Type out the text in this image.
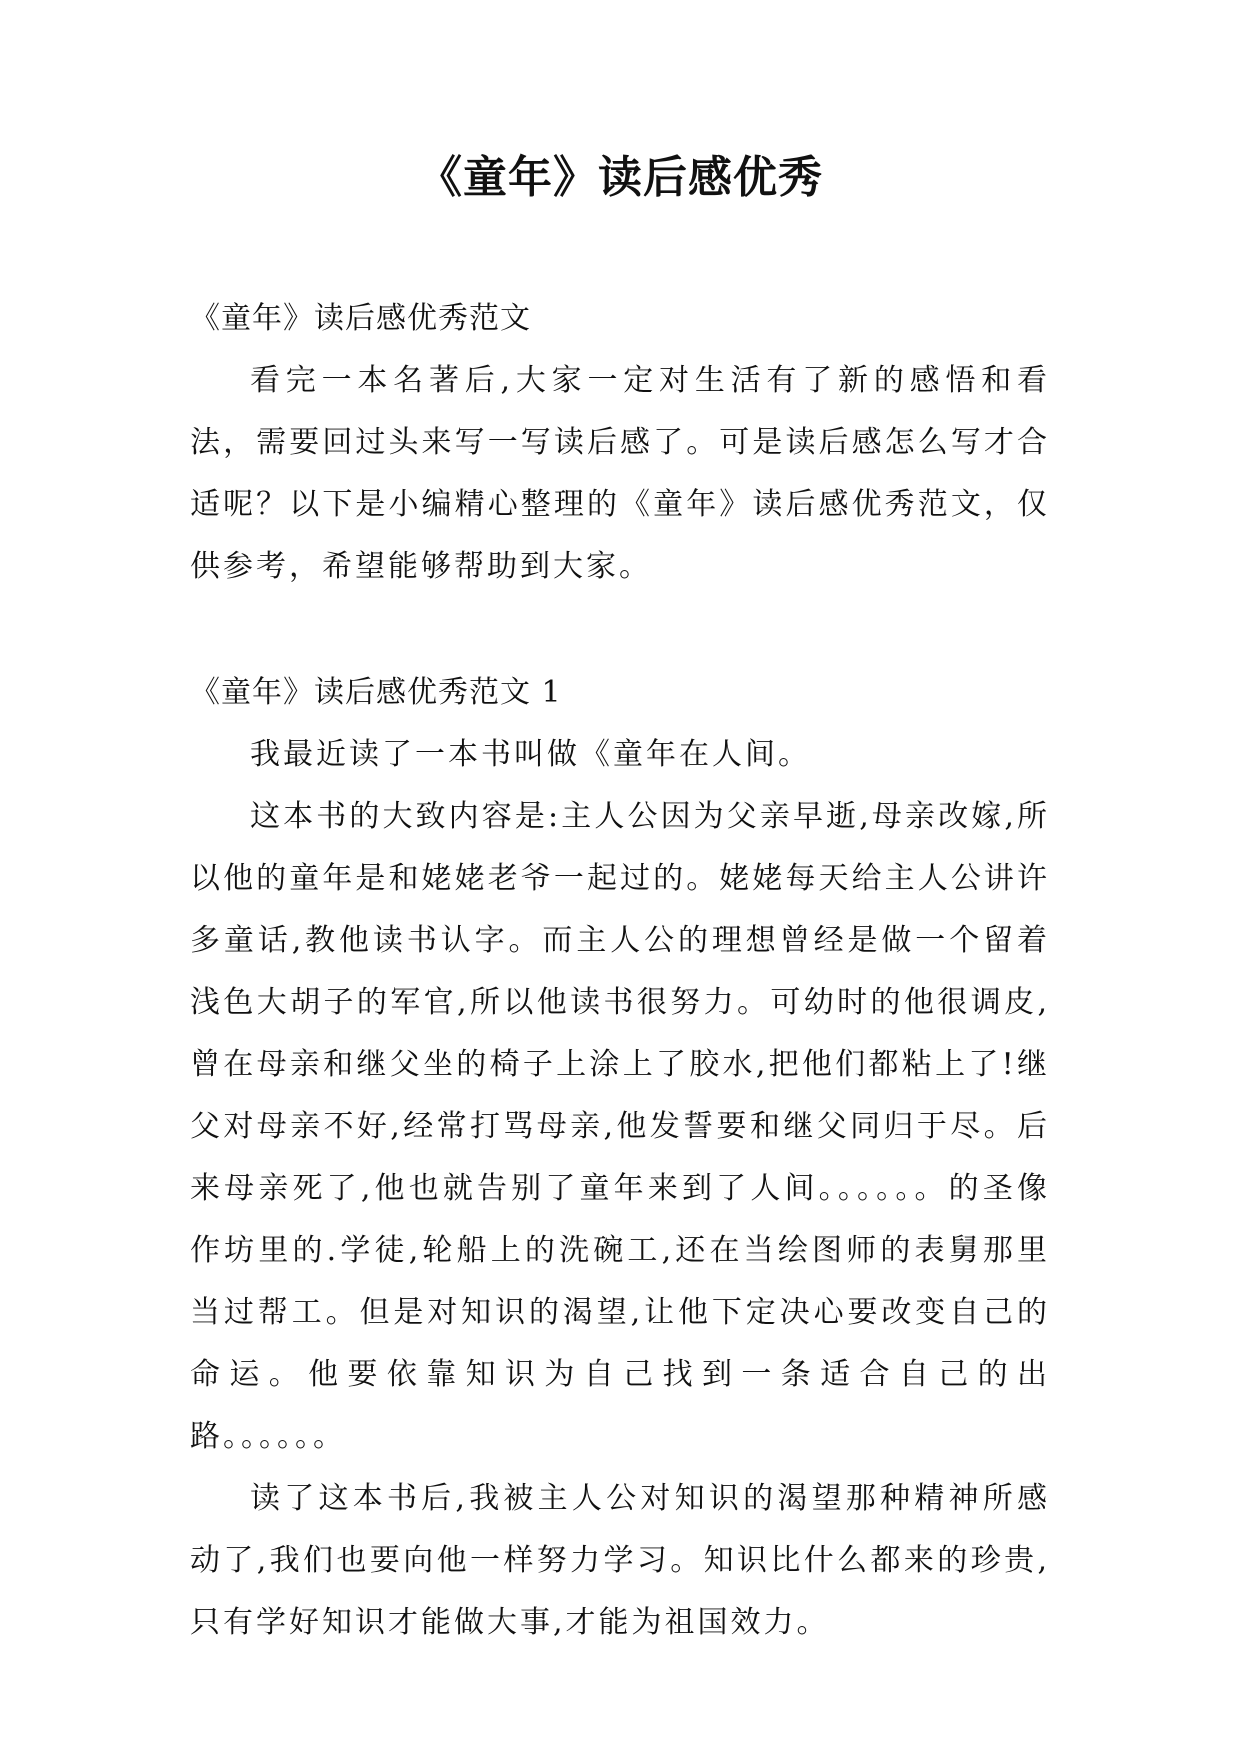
《童年》读后感优秀

《童年》读后感优秀范文

看完一本名著后,大家一定对生活有了新的感悟和看法，需要回过头来写一写读后感了。可是读后感怎么写才合适呢？以下是小编精心整理的《童年》读后感优秀范文，仅供参考，希望能够帮助到大家。

《童年》读后感优秀范文 1

我最近读了一本书叫做《童年在人间。

这本书的大致内容是:主人公因为父亲早逝,母亲改嫁,所以他的童年是和姥姥老爷一起过的。姥姥每天给主人公讲许多童话,教他读书认字。而主人公的理想曾经是做一个留着浅色大胡子的军官,所以他读书很努力。可幼时的他很调皮,曾在母亲和继父坐的椅子上涂上了胶水,把他们都粘上了!继父对母亲不好,经常打骂母亲,他发誓要和继父同归于尽。后来母亲死了,他也就告别了童年来到了人间。。。。。。的圣像作坊里的.学徒,轮船上的洗碗工,还在当绘图师的表舅那里当过帮工。但是对知识的渴望,让他下定决心要改变自己的命运。他要依靠知识为自己找到一条适合自己的出路。。。。。。

读了这本书后,我被主人公对知识的渴望那种精神所感动了,我们也要向他一样努力学习。知识比什么都来的珍贵,只有学好知识才能做大事,才能为祖国效力。
